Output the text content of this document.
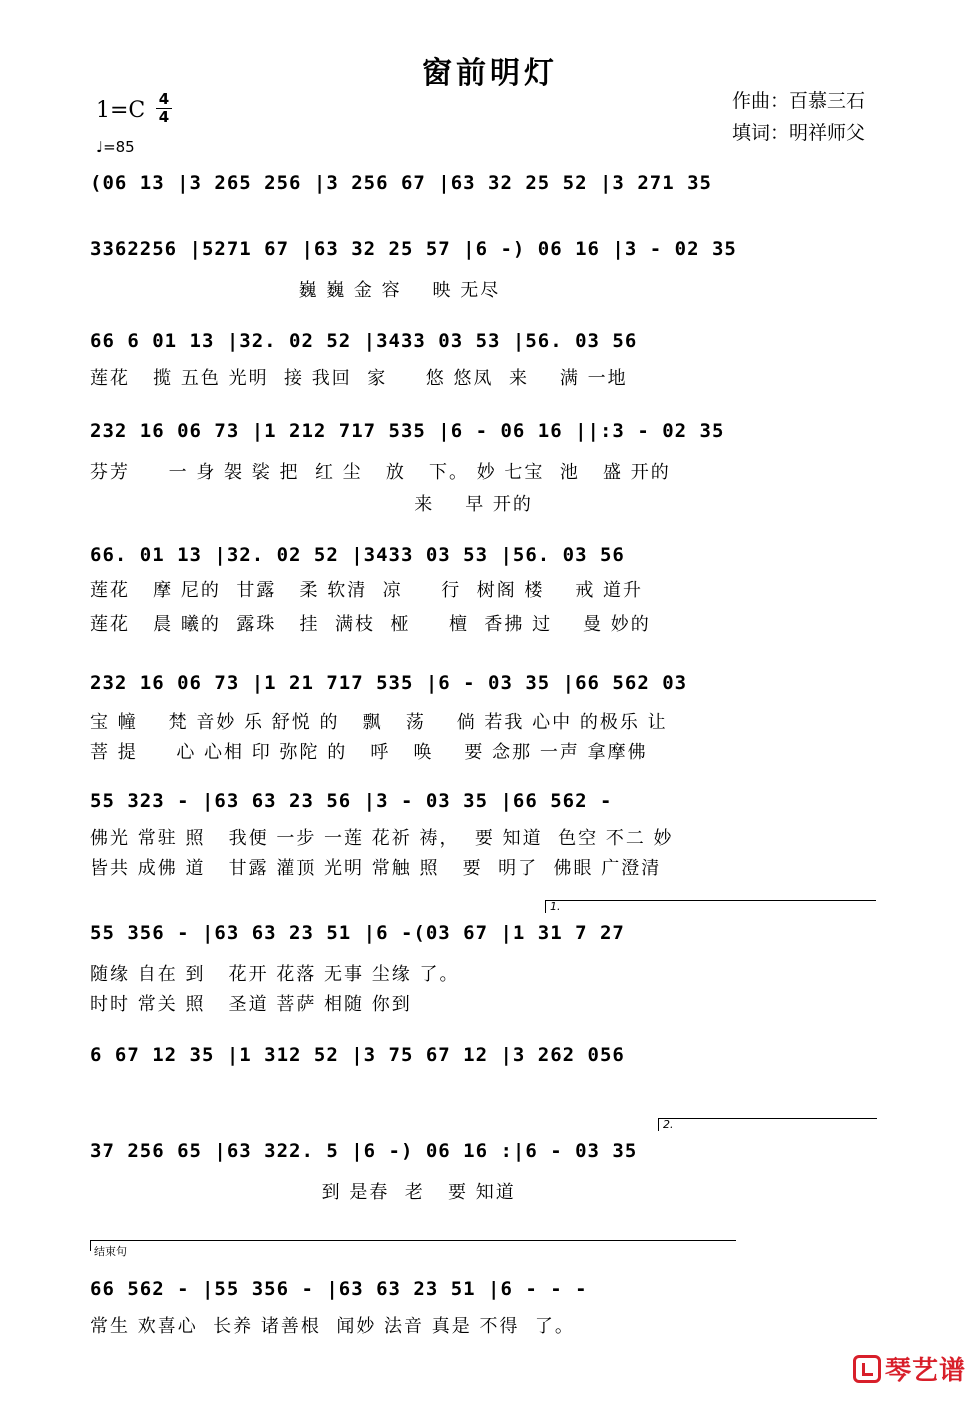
窗前明灯
作曲：百慕三石
填词：明祥师父
1=C 4
4
♩=85
(06 13 |3 265 256 |3 256 67 |63 32 25 52 |3 271 35
3362256 |5271 67 |63 32 25 57 |6 -) 06 16 |3 - 02 35
巍 巍 金 容    映 无尽
66 6 01 13 |32. 02 52 |3433 03 53 |56. 03 56
莲花   揽 五色 光明  接 我回  家     悠 悠凤  来    满 一地
232 16 06 73 |1 212 717 535 |6 - 06 16 ||:3 - 02 35
芬芳     一 身 袈 裟 把  红 尘   放   下。 妙 七宝  池   盛 开的
来    早 开的
66. 01 13 |32. 02 52 |3433 03 53 |56. 03 56
莲花   摩 尼的  甘露   柔 软清  凉     行  树阁 楼    戒 道升
莲花   晨 曦的  露珠   挂  满枝  桠     檀  香拂 过    曼 妙的
232 16 06 73 |1 21 717 535 |6 - 03 35 |66 562 03
宝 幢    梵 音妙 乐 舒悦 的   飘   荡    倘 若我 心中 的极乐 让
菩 提     心 心相 印 弥陀 的   呼   唤    要 念那 一声 拿摩佛
55 323 - |63 63 23 56 |3 - 03 35 |66 562 -
佛光 常驻 照   我便 一步 一莲 花祈 祷，  要 知道  色空 不二 妙
皆共 成佛 道   甘露 灌顶 光明 常触 照   要  明了  佛眼 广澄清
1.
55 356 - |63 63 23 51 |6 -(03 67 |1 31 7 27
随缘 自在 到   花开 花落 无事 尘缘 了。
时时 常关 照   圣道 菩萨 相随 你到
6 67 12 35 |1 312 52 |3 75 67 12 |3 262 056
2.
37 256 65 |63 322. 5 |6 -) 06 16 :|6 - 03 35
到 是春  老   要 知道
结束句
66 562 - |55 356 - |63 63 23 51 |6 - - -
常生 欢喜心  长养 诸善根  闻妙 法音 真是 不得  了。
琴艺谱
